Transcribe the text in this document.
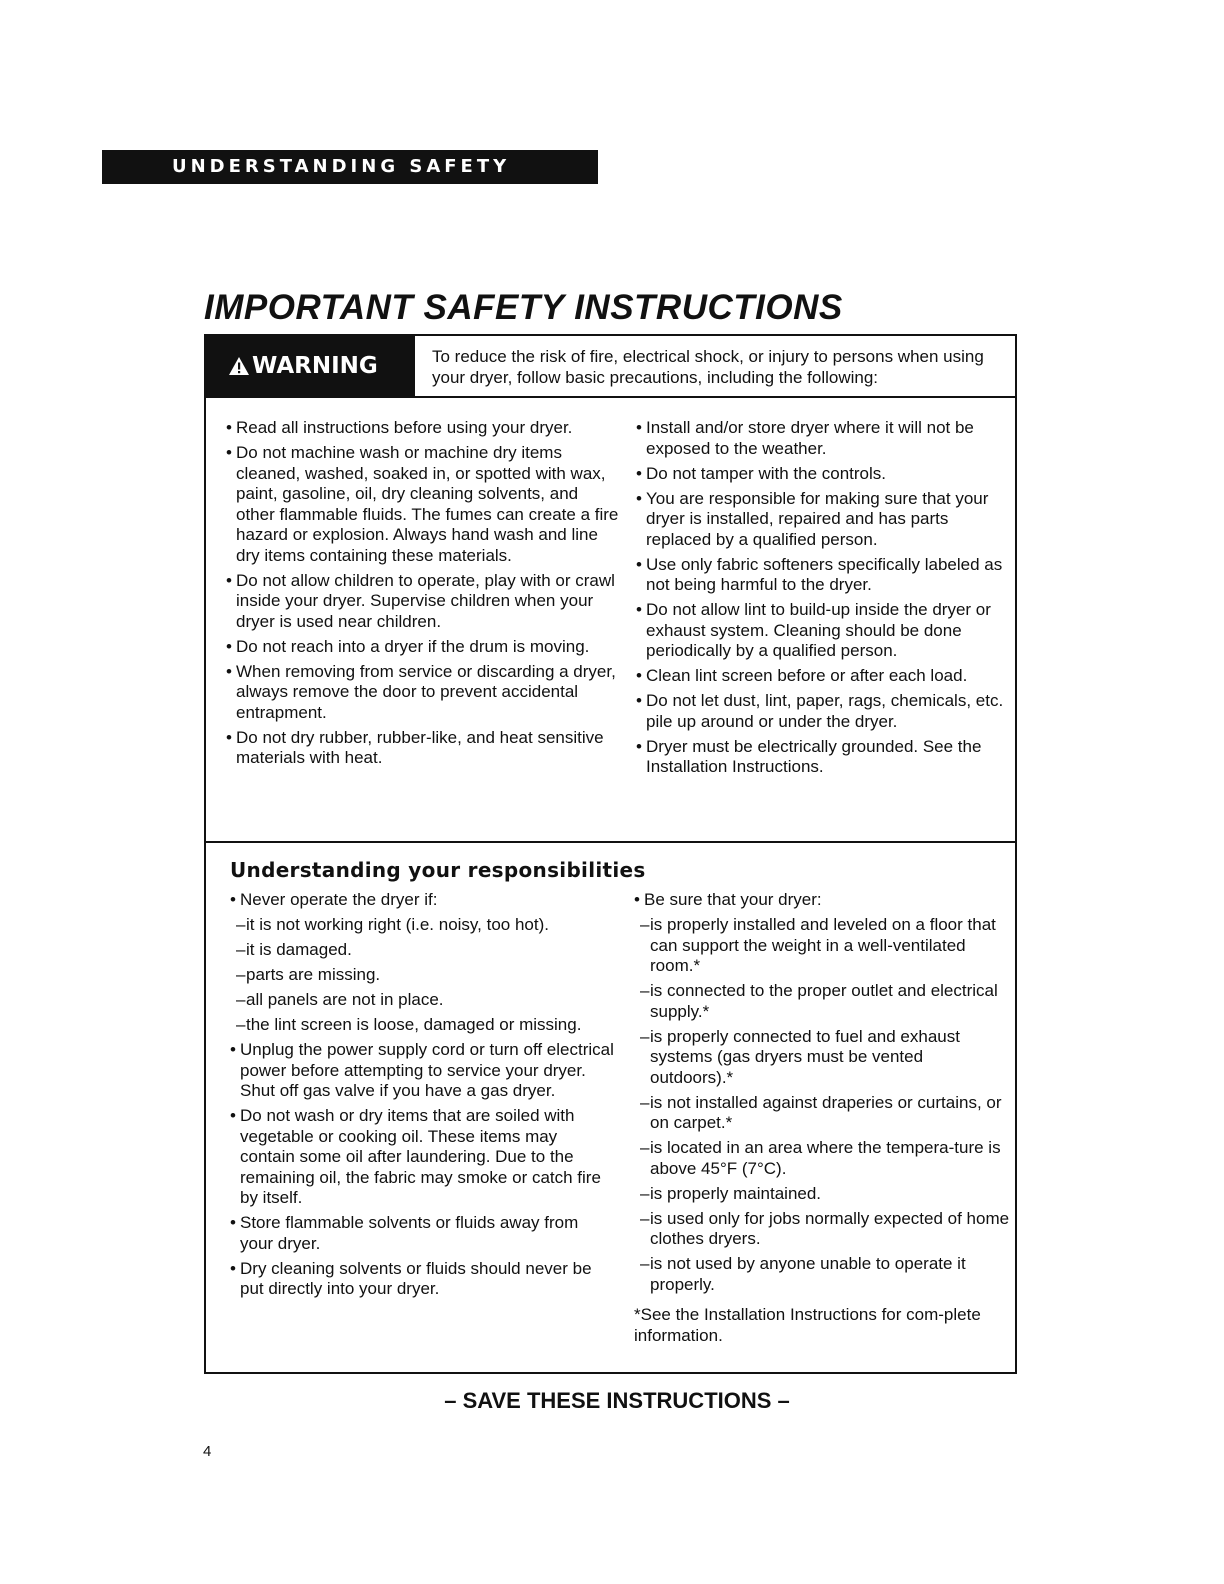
UNDERSTANDING SAFETY
IMPORTANT SAFETY INSTRUCTIONS
WARNING	To reduce the risk of fire, electrical shock, or injury to persons when using your dryer, follow basic precautions, including the following:
• Read all instructions before using your dryer.
• Do not machine wash or machine dry items cleaned, washed, soaked in, or spotted with wax, paint, gasoline, oil, dry cleaning solvents, and other flammable fluids. The fumes can create a fire hazard or explosion. Always hand wash and line dry items containing these materials.
• Do not allow children to operate, play with or crawl inside your dryer. Supervise children when your dryer is used near children.
• Do not reach into a dryer if the drum is moving.
• When removing from service or discarding a dryer, always remove the door to prevent accidental entrapment.
• Do not dry rubber, rubber-like, and heat sensitive materials with heat.
• Install and/or store dryer where it will not be exposed to the weather.
• Do not tamper with the controls.
• You are responsible for making sure that your dryer is installed, repaired and has parts replaced by a qualified person.
• Use only fabric softeners specifically labeled as not being harmful to the dryer.
• Do not allow lint to build-up inside the dryer or exhaust system. Cleaning should be done periodically by a qualified person.
• Clean lint screen before or after each load.
• Do not let dust, lint, paper, rags, chemicals, etc. pile up around or under the dryer.
• Dryer must be electrically grounded. See the Installation Instructions.
Understanding your responsibilities
• Never operate the dryer if:
– it is not working right (i.e. noisy, too hot).
– it is damaged.
– parts are missing.
– all panels are not in place.
– the lint screen is loose, damaged or missing.
• Unplug the power supply cord or turn off electrical power before attempting to service your dryer. Shut off gas valve if you have a gas dryer.
• Do not wash or dry items that are soiled with vegetable or cooking oil. These items may contain some oil after laundering. Due to the remaining oil, the fabric may smoke or catch fire by itself.
• Store flammable solvents or fluids away from your dryer.
• Dry cleaning solvents or fluids should never be put directly into your dryer.
• Be sure that your dryer:
– is properly installed and leveled on a floor that can support the weight in a well-ventilated room.*
– is connected to the proper outlet and electrical supply.*
– is properly connected to fuel and exhaust systems (gas dryers must be vented outdoors).*
– is not installed against draperies or curtains, or on carpet.*
– is located in an area where the tempera-ture is above 45°F (7°C).
– is properly maintained.
– is used only for jobs normally expected of home clothes dryers.
– is not used by anyone unable to operate it properly.
*See the Installation Instructions for com-plete information.
– SAVE THESE INSTRUCTIONS –
4
